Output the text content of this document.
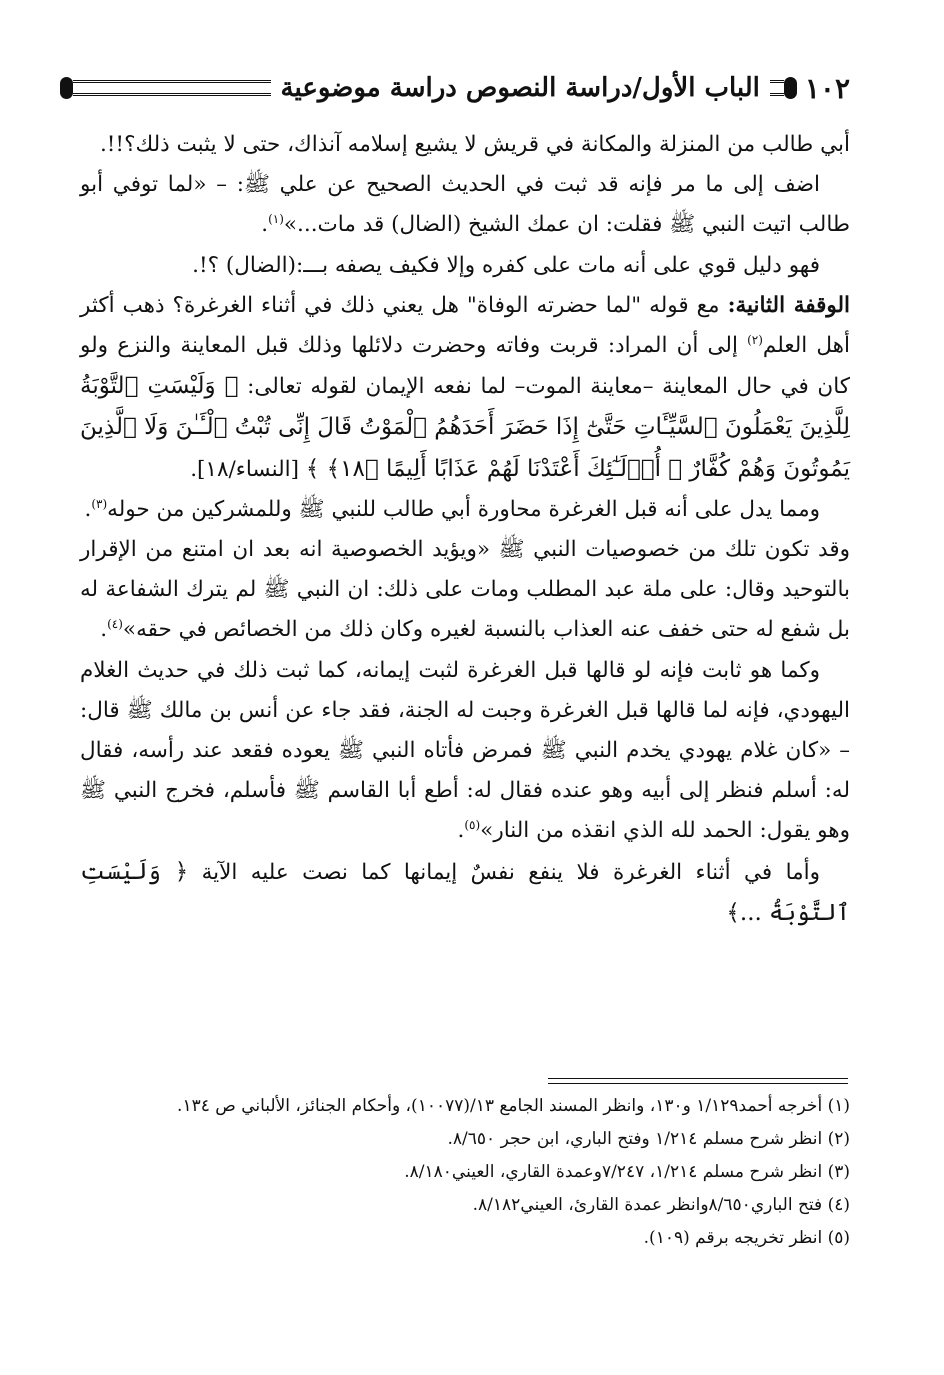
١٠٢
الباب الأول/دراسة النصوص دراسة موضوعية

أبي طالب من المنزلة والمكانة في قريش لا يشيع إسلامه آنذاك، حتى لا يثبت ذلك؟!!.

اضف إلى ما مر فإنه قد ثبت في الحديث الصحيح عن علي ﷺ: – «لما توفي أبو طالب اتيت النبي ﷺ فقلت: ان عمك الشيخ (الضال) قد مات...»$^{(١)}$.

فهو دليل قوي على أنه مات على كفره وإلا فكيف يصفه بـــ:(الضال) ؟!.

الوقفة الثانية: مع قوله "لما حضرته الوفاة" هل يعني ذلك في أثناء الغرغرة؟ ذهب أكثر أهل العلم$^{(٢)}$ إلى أن المراد: قربت وفاته وحضرت دلائلها وذلك قبل المعاينة والنزع ولو كان في حال المعاينة –معاينة الموت– لما نفعه الإيمان لقوله تعالى: ﴿ وَلَيْسَتِ ٱلتَّوْبَةُ لِلَّذِينَ يَعْمَلُونَ ٱلسَّيِّـَٔاتِ حَتَّىٰٓ إِذَا حَضَرَ أَحَدَهُمُ ٱلْمَوْتُ قَالَ إِنِّى تُبْتُ ٱلْـَٔـٰنَ وَلَا ٱلَّذِينَ يَمُوتُونَ وَهُمْ كُفَّارٌ ۚ أُو۟لَـٰٓئِكَ أَعْتَدْنَا لَهُمْ عَذَابًا أَلِيمًا ﴿١٨﴾ ﴾ [النساء/١٨].

ومما يدل على أنه قبل الغرغرة محاورة أبي طالب للنبي ﷺ وللمشركين من حوله$^{(٣)}$.

وقد تكون تلك من خصوصيات النبي ﷺ «ويؤيد الخصوصية انه بعد ان امتنع من الإقرار بالتوحيد وقال: على ملة عبد المطلب ومات على ذلك: ان النبي ﷺ لم يترك الشفاعة له بل شفع له حتى خفف عنه العذاب بالنسبة لغيره وكان ذلك من الخصائص في حقه»$^{(٤)}$.

وكما هو ثابت فإنه لو قالها قبل الغرغرة لثبت إيمانه، كما ثبت ذلك في حديث الغلام اليهودي، فإنه لما قالها قبل الغرغرة وجبت له الجنة، فقد جاء عن أنس بن مالك ﷺ قال: – «كان غلام يهودي يخدم النبي ﷺ فمرض فأتاه النبي ﷺ يعوده فقعد عند رأسه، فقال له: أسلم فنظر إلى أبيه وهو عنده فقال له: أطع أبا القاسم ﷺ فأسلم، فخرج النبي ﷺ وهو يقول: الحمد لله الذي انقذه من النار»$^{(٥)}$.

وأما في أثناء الغرغرة فلا ينفع نفسٌ إيمانها كما نصت عليه الآية ﴿ وَلَيْسَتِ ٱلتَّوْبَةُ ...﴾

(١) أخرجه أحمد١/١٢٩ و١٣٠، وانظر المسند الجامع ١٣/(١٠٠٧٧)، وأحكام الجنائز، الألباني ص ١٣٤.

(٢) انظر شرح مسلم ١/٢١٤ وفتح الباري، ابن حجر ٨/٦٥٠.

(٣) انظر شرح مسلم ١/٢١٤، ٧/٢٤٧وعمدة القاري، العيني٨/١٨٠.

(٤) فتح الباري٨/٦٥٠وانظر عمدة القارئ، العيني٨/١٨٢.

(٥) انظر تخريجه برقم (١٠٩).
